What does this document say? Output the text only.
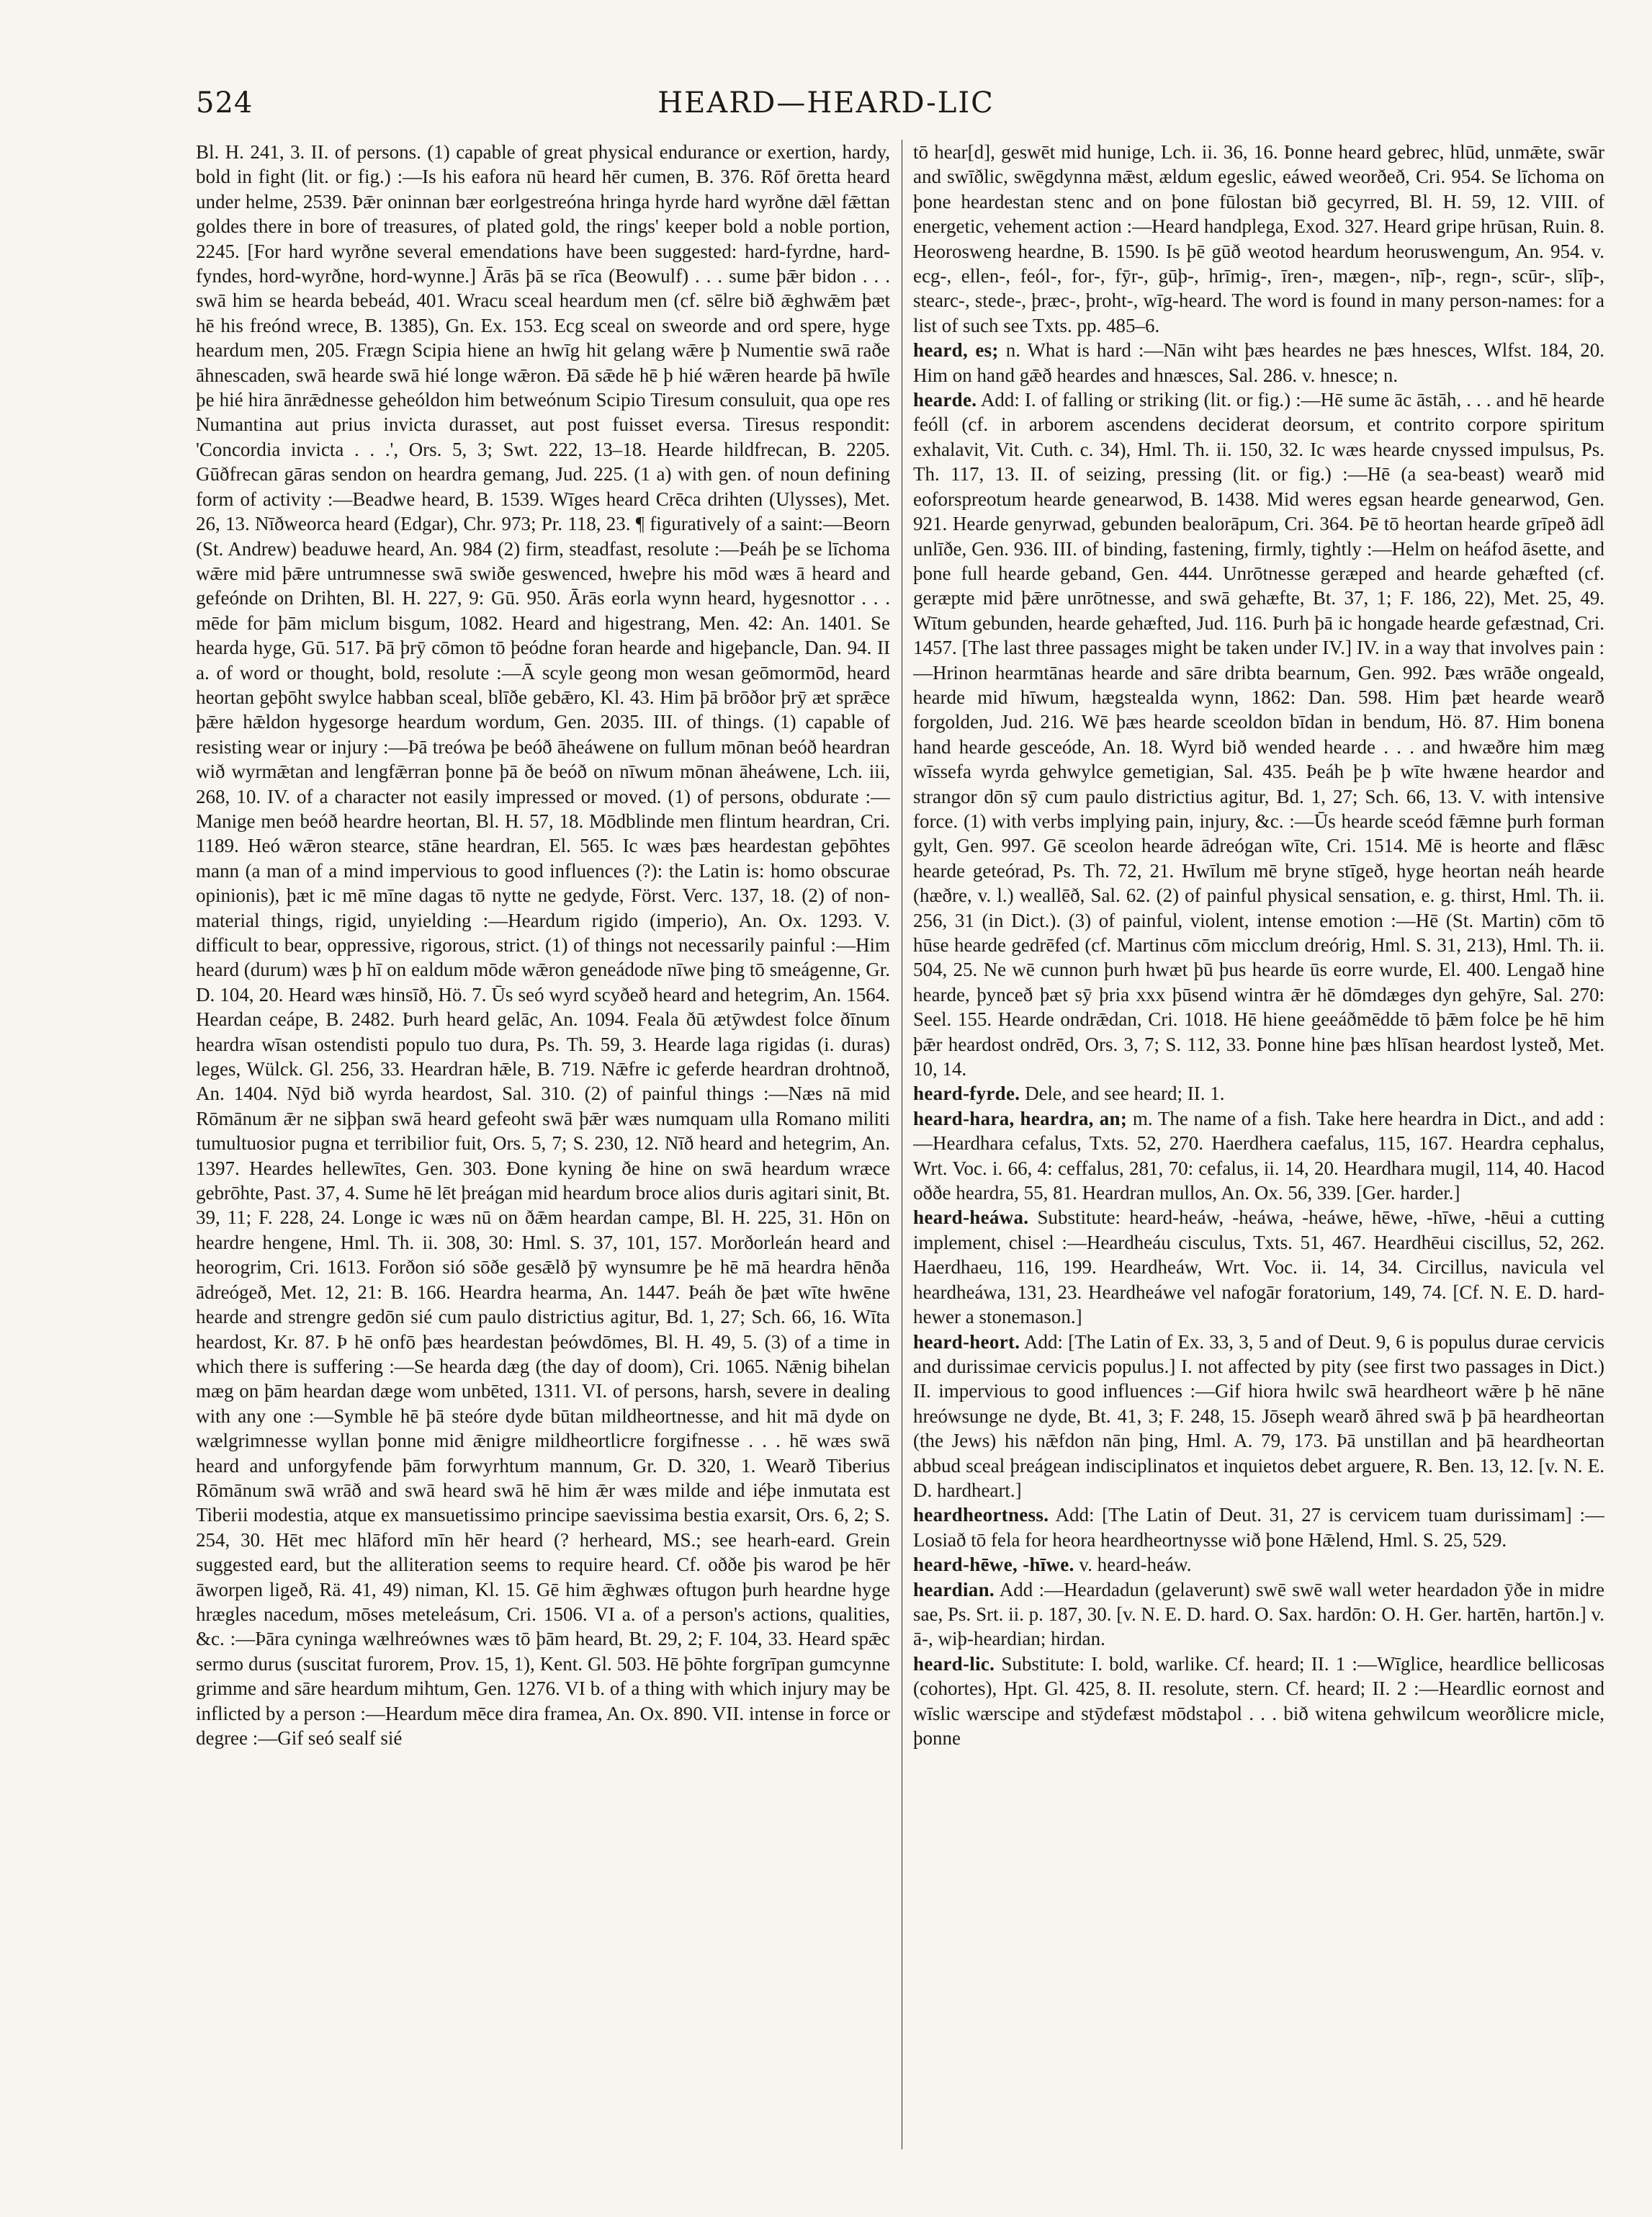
524	HEARD—HEARD-LIC

Bl. H. 241, 3. II. of persons. (1) capable of great physical endurance or exertion, hardy, bold in fight (lit. or fig.) :—Is his eafora nū heard hēr cumen, B. 376. Rōf ōretta heard under helme, 2539. Þǣr oninnan bær eorlgestreóna hringa hyrde hard wyrðne dǣl fǣttan goldes there in bore of treasures, of plated gold, the rings' keeper bold a noble portion, 2245. [For hard wyrðne several emendations have been suggested: hard-fyrdne, hard-fyndes, hord-wyrðne, hord-wynne.] Ārās þā se rīca (Beowulf) . . . sume þǣr bidon . . . swā him se hearda bebeád, 401. Wracu sceal heardum men (cf. sēlre bið ǣghwǣm þæt hē his freónd wrece, B. 1385), Gn. Ex. 153. Ecg sceal on sweorde and ord spere, hyge heardum men, 205. Frægn Scipia hiene an hwīg hit gelang wǣre þ Numentie swā raðe āhnescaden, swā hearde swā hié longe wǣron. Ðā sǣde hē þ hié wǣren hearde þā hwīle þe hié hira ānrǣdnesse geheóldon him betweónum Scipio Tiresum consuluit, qua ope res Numantina aut prius invicta durasset, aut post fuisset eversa. Tiresus respondit: 'Concordia invicta . . .', Ors. 5, 3; Swt. 222, 13–18. Hearde hildfrecan, B. 2205. Gūðfrecan gāras sendon on heardra gemang, Jud. 225. (1 a) with gen. of noun defining form of activity :—Beadwe heard, B. 1539. Wīges heard Crēca drihten (Ulysses), Met. 26, 13. Nīðweorca heard (Edgar), Chr. 973; Pr. 118, 23. ¶ figuratively of a saint:—Beorn (St. Andrew) beaduwe heard, An. 984 (2) firm, steadfast, resolute :—Þeáh þe se līchoma wǣre mid þǣre untrumnesse swā swiðe geswenced, hweþre his mōd wæs ā heard and gefeónde on Drihten, Bl. H. 227, 9: Gū. 950. Ārās eorla wynn heard, hygesnottor . . . mēde for þām miclum bisgum, 1082. Heard and higestrang, Men. 42: An. 1401. Se hearda hyge, Gū. 517. Þā þrȳ cōmon tō þeódne foran hearde and higeþancle, Dan. 94. II a. of word or thought, bold, resolute :—Ā scyle geong mon wesan geōmormōd, heard heortan geþōht swylce habban sceal, blīðe gebǣro, Kl. 43. Him þā brōðor þrȳ æt sprǣce þǣre hǣldon hygesorge heardum wordum, Gen. 2035. III. of things. (1) capable of resisting wear or injury :—Þā treówa þe beóð āheáwene on fullum mōnan beóð heardran wið wyrmǣtan and lengfǣrran þonne þā ðe beóð on nīwum mōnan āheáwene, Lch. iii, 268, 10. IV. of a character not easily impressed or moved. (1) of persons, obdurate :—Manige men beóð heardre heortan, Bl. H. 57, 18. Mōdblinde men flintum heardran, Cri. 1189. Heó wǣron stearce, stāne heardran, El. 565. Ic wæs þæs heardestan geþōhtes mann (a man of a mind impervious to good influences (?): the Latin is: homo obscurae opinionis), þæt ic mē mīne dagas tō nytte ne gedyde, Först. Verc. 137, 18. (2) of non-material things, rigid, unyielding :—Heardum rigido (imperio), An. Ox. 1293. V. difficult to bear, oppressive, rigorous, strict. (1) of things not necessarily painful :—Him heard (durum) wæs þ hī on ealdum mōde wǣron geneádode nīwe þing tō smeágenne, Gr. D. 104, 20. Heard wæs hinsīð, Hö. 7. Ūs seó wyrd scyðeð heard and hetegrim, An. 1564. Heardan ceápe, B. 2482. Þurh heard gelāc, An. 1094. Feala ðū ætȳwdest folce ðīnum heardra wīsan ostendisti populo tuo dura, Ps. Th. 59, 3. Hearde laga rigidas (i. duras) leges, Wülck. Gl. 256, 33. Heardran hǣle, B. 719. Nǣfre ic geferde heardran drohtnoð, An. 1404. Nȳd bið wyrda heardost, Sal. 310. (2) of painful things :—Næs nā mid Rōmānum ǣr ne siþþan swā heard gefeoht swā þǣr wæs numquam ulla Romano militi tumultuosior pugna et terribilior fuit, Ors. 5, 7; S. 230, 12. Nīð heard and hetegrim, An. 1397. Heardes hellewītes, Gen. 303. Ðone kyning ðe hine on swā heardum wræce gebrōhte, Past. 37, 4. Sume hē lēt þreágan mid heardum broce alios duris agitari sinit, Bt. 39, 11; F. 228, 24. Longe ic wæs nū on ðǣm heardan campe, Bl. H. 225, 31. Hōn on heardre hengene, Hml. Th. ii. 308, 30: Hml. S. 37, 101, 157. Morðorleán heard and heorogrim, Cri. 1613. Forðon sió sōðe gesǣlð þȳ wynsumre þe hē mā heardra hēnða ādreógeð, Met. 12, 21: B. 166. Heardra hearma, An. 1447. Þeáh ðe þæt wīte hwēne hearde and strengre gedōn sié cum paulo districtius agitur, Bd. 1, 27; Sch. 66, 16. Wīta heardost, Kr. 87. Þ hē onfō þæs heardestan þeówdōmes, Bl. H. 49, 5. (3) of a time in which there is suffering :—Se hearda dæg (the day of doom), Cri. 1065. Nǣnig bihelan mæg on þām heardan dæge wom unbēted, 1311. VI. of persons, harsh, severe in dealing with any one :—Symble hē þā steóre dyde būtan mildheortnesse, and hit mā dyde on wælgrimnesse wyllan þonne mid ǣnigre mildheortlicre forgifnesse . . . hē wæs swā heard and unforgyfende þām forwyrhtum mannum, Gr. D. 320, 1. Wearð Tiberius Rōmānum swā wrāð and swā heard swā hē him ǣr wæs milde and iéþe inmutata est Tiberii modestia, atque ex mansuetissimo principe saevissima bestia exarsit, Ors. 6, 2; S. 254, 30. Hēt mec hlāford mīn hēr heard (? herheard, MS.; see hearh-eard. Grein suggested eard, but the alliteration seems to require heard. Cf. oððe þis warod þe hēr āworpen ligeð, Rä. 41, 49) niman, Kl. 15. Gē him ǣghwæs oftugon þurh heardne hyge hrægles nacedum, mōses meteleásum, Cri. 1506. VI a. of a person's actions, qualities, &c. :—Þāra cyninga wælhreównes wæs tō þām heard, Bt. 29, 2; F. 104, 33. Heard spǣc sermo durus (suscitat furorem, Prov. 15, 1), Kent. Gl. 503. Hē þōhte forgrīpan gumcynne grimme and sāre heardum mihtum, Gen. 1276. VI b. of a thing with which injury may be inflicted by a person :—Heardum mēce dira framea, An. Ox. 890. VII. intense in force or degree :—Gif seó sealf sié

tō hear[d], geswēt mid hunige, Lch. ii. 36, 16. Þonne heard gebrec, hlūd, unmǣte, swār and swīðlic, swēgdynna mǣst, ældum egeslic, eáwed weorðeð, Cri. 954. Se līchoma on þone heardestan stenc and on þone fūlostan bið gecyrred, Bl. H. 59, 12. VIII. of energetic, vehement action :—Heard handplega, Exod. 327. Heard gripe hrūsan, Ruin. 8. Heorosweng heardne, B. 1590. Is þē gūð weotod heardum heoruswengum, An. 954. v. ecg-, ellen-, feól-, for-, fȳr-, gūþ-, hrīmig-, īren-, mægen-, nīþ-, regn-, scūr-, slīþ-, stearc-, stede-, þræc-, þroht-, wīg-heard. The word is found in many person-names: for a list of such see Txts. pp. 485–6.

heard, es; n. What is hard :—Nān wiht þæs heardes ne þæs hnesces, Wlfst. 184, 20. Him on hand gǣð heardes and hnæsces, Sal. 286. v. hnesce; n.

hearde. Add: I. of falling or striking (lit. or fig.) :—Hē sume āc āstāh, . . . and hē hearde feóll (cf. in arborem ascendens deciderat deorsum, et contrito corpore spiritum exhalavit, Vit. Cuth. c. 34), Hml. Th. ii. 150, 32. Ic wæs hearde cnyssed impulsus, Ps. Th. 117, 13. II. of seizing, pressing (lit. or fig.) :—Hē (a sea-beast) wearð mid eoforspreotum hearde genearwod, B. 1438. Mid weres egsan hearde genearwod, Gen. 921. Hearde genyrwad, gebunden bealorāpum, Cri. 364. Þē tō heortan hearde grīpeð ādl unlīðe, Gen. 936. III. of binding, fastening, firmly, tightly :—Helm on heáfod āsette, and þone full hearde geband, Gen. 444. Unrōtnesse geræped and hearde gehæfted (cf. geræpte mid þǣre unrōtnesse, and swā gehæfte, Bt. 37, 1; F. 186, 22), Met. 25, 49. Wītum gebunden, hearde gehæfted, Jud. 116. Þurh þā ic hongade hearde gefæstnad, Cri. 1457. [The last three passages might be taken under IV.] IV. in a way that involves pain :—Hrinon hearmtānas hearde and sāre dribta bearnum, Gen. 992. Þæs wrāðe ongeald, hearde mid hīwum, hægstealda wynn, 1862: Dan. 598. Him þæt hearde wearð forgolden, Jud. 216. Wē þæs hearde sceoldon bīdan in bendum, Hö. 87. Him bonena hand hearde gesceóde, An. 18. Wyrd bið wended hearde . . . and hwæðre him mæg wīssefa wyrda gehwylce gemetigian, Sal. 435. Þeáh þe þ wīte hwæne heardor and strangor dōn sȳ cum paulo districtius agitur, Bd. 1, 27; Sch. 66, 13. V. with intensive force. (1) with verbs implying pain, injury, &c. :—Ūs hearde sceód fǣmne þurh forman gylt, Gen. 997. Gē sceolon hearde ādreógan wīte, Cri. 1514. Mē is heorte and flǣsc hearde geteórad, Ps. Th. 72, 21. Hwīlum mē bryne stīgeð, hyge heortan neáh hearde (hæðre, v. l.) weallēð, Sal. 62. (2) of painful physical sensation, e. g. thirst, Hml. Th. ii. 256, 31 (in Dict.). (3) of painful, violent, intense emotion :—Hē (St. Martin) cōm tō hūse hearde gedrēfed (cf. Martinus cōm micclum dreórig, Hml. S. 31, 213), Hml. Th. ii. 504, 25. Ne wē cunnon þurh hwæt þū þus hearde ūs eorre wurde, El. 400. Lengað hine hearde, þynceð þæt sȳ þria xxx þūsend wintra ǣr hē dōmdæges dyn gehȳre, Sal. 270: Seel. 155. Hearde ondrǣdan, Cri. 1018. Hē hiene geeáðmēdde tō þǣm folce þe hē him þǣr heardost ondrēd, Ors. 3, 7; S. 112, 33. Þonne hine þæs hlīsan heardost lysteð, Met. 10, 14.

heard-fyrde. Dele, and see heard; II. 1.

heard-hara, heardra, an; m. The name of a fish. Take here heardra in Dict., and add :—Heardhara cefalus, Txts. 52, 270. Haerdhera caefalus, 115, 167. Heardra cephalus, Wrt. Voc. i. 66, 4: ceffalus, 281, 70: cefalus, ii. 14, 20. Heardhara mugil, 114, 40. Hacod oððe heardra, 55, 81. Heardran mullos, An. Ox. 56, 339. [Ger. harder.]

heard-heáwa. Substitute: heard-heáw, -heáwa, -heáwe, hēwe, -hīwe, -hēui a cutting implement, chisel :—Heardheáu cisculus, Txts. 51, 467. Heardhēui ciscillus, 52, 262. Haerdhaeu, 116, 199. Heardheáw, Wrt. Voc. ii. 14, 34. Circillus, navicula vel heardheáwa, 131, 23. Heardheáwe vel nafogār foratorium, 149, 74. [Cf. N. E. D. hard-hewer a stonemason.]

heard-heort. Add: [The Latin of Ex. 33, 3, 5 and of Deut. 9, 6 is populus durae cervicis and durissimae cervicis populus.] I. not affected by pity (see first two passages in Dict.) II. impervious to good influences :—Gif hiora hwilc swā heardheort wǣre þ hē nāne hreówsunge ne dyde, Bt. 41, 3; F. 248, 15. Jōseph wearð āhred swā þ þā heardheortan (the Jews) his nǣfdon nān þing, Hml. A. 79, 173. Þā unstillan and þā heardheortan abbud sceal þreágean indisciplinatos et inquietos debet arguere, R. Ben. 13, 12. [v. N. E. D. hardheart.]

heardheortness. Add: [The Latin of Deut. 31, 27 is cervicem tuam durissimam] :—Losiað tō fela for heora heardheortnysse wið þone Hǣlend, Hml. S. 25, 529.

heard-hēwe, -hīwe. v. heard-heáw.

heardian. Add :—Heardadun (gelaverunt) swē swē wall weter heardadon ȳðe in midre sae, Ps. Srt. ii. p. 187, 30. [v. N. E. D. hard. O. Sax. hardōn: O. H. Ger. hartēn, hartōn.] v. ā-, wiþ-heardian; hirdan.

heard-lic. Substitute: I. bold, warlike. Cf. heard; II. 1 :—Wīglice, heardlice bellicosas (cohortes), Hpt. Gl. 425, 8. II. resolute, stern. Cf. heard; II. 2 :—Heardlic eornost and wīslic wærscipe and stȳdefæst mōdstaþol . . . bið witena gehwilcum weorðlicre micle, þonne
